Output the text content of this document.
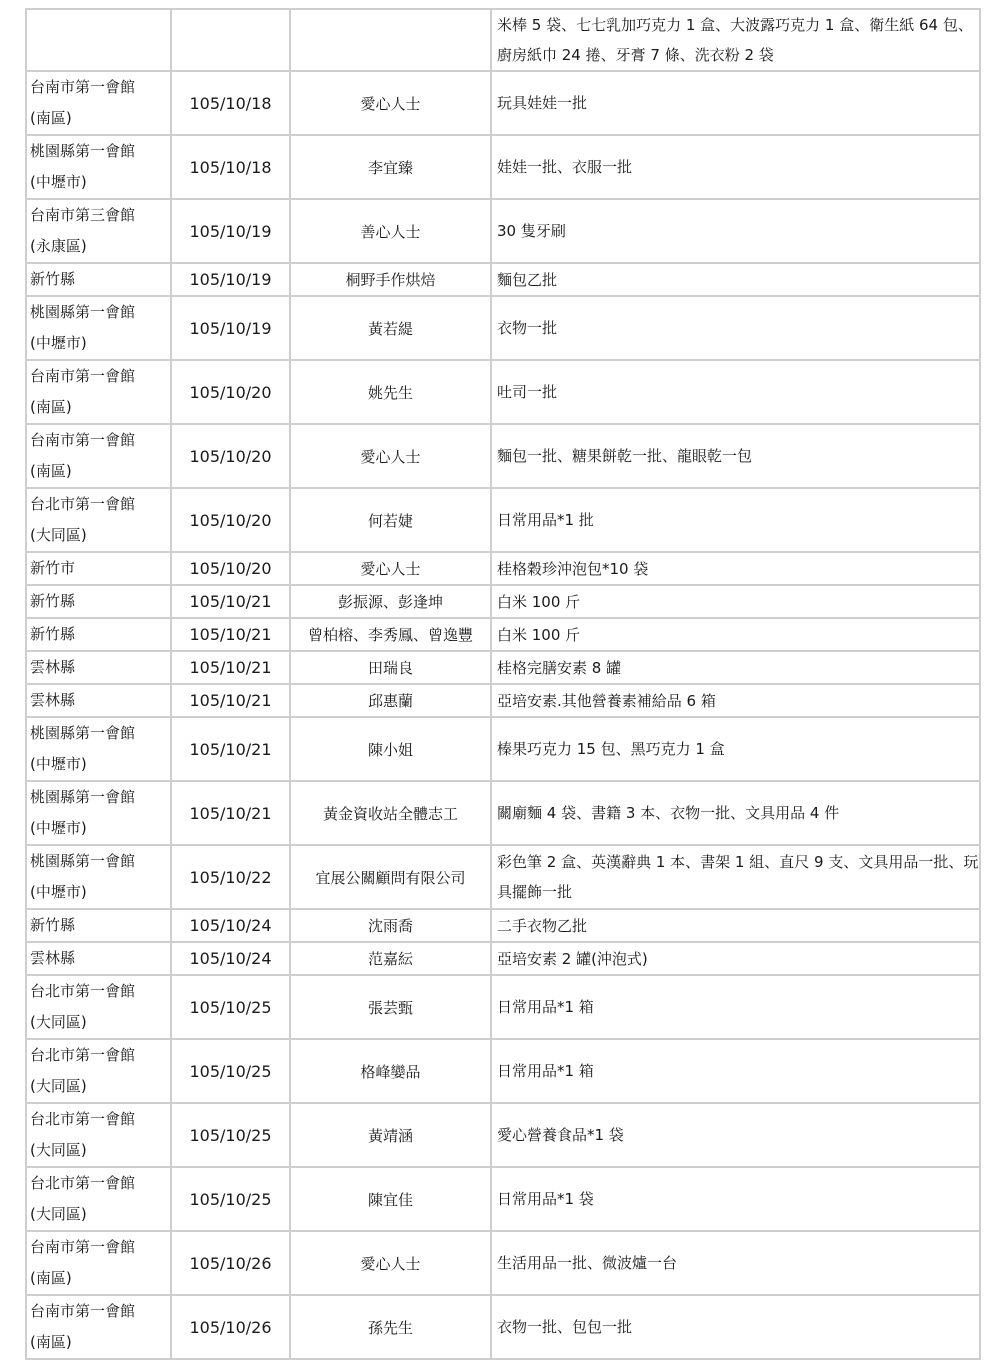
			米棒 5 袋、七七乳加巧克力 1 盒、大波露巧克力 1 盒、衛生紙 64 包、廚房紙巾 24 捲、牙膏 7 條、洗衣粉 2 袋
台南市第一會館
(南區)	105/10/18	愛心人士	玩具娃娃一批
桃園縣第一會館
(中壢市)	105/10/18	李宜臻	娃娃一批、衣服一批
台南市第三會館
(永康區)	105/10/19	善心人士	30 隻牙刷
新竹縣	105/10/19	桐野手作烘焙	麵包乙批
桃園縣第一會館
(中壢市)	105/10/19	黃若緹	衣物一批
台南市第一會館
(南區)	105/10/20	姚先生	吐司一批
台南市第一會館
(南區)	105/10/20	愛心人士	麵包一批、糖果餅乾一批、龍眼乾一包
台北市第一會館
(大同區)	105/10/20	何若婕	日常用品*1 批
新竹市	105/10/20	愛心人士	桂格穀珍沖泡包*10 袋
新竹縣	105/10/21	彭振源、彭逢坤	白米 100 斤
新竹縣	105/10/21	曾柏榕、李秀鳳、曾逸豐	白米 100 斤
雲林縣	105/10/21	田瑞良	桂格完膳安素 8 罐
雲林縣	105/10/21	邱惠蘭	亞培安素.其他營養素補給品 6 箱
桃園縣第一會館
(中壢市)	105/10/21	陳小姐	榛果巧克力 15 包、黑巧克力 1 盒
桃園縣第一會館
(中壢市)	105/10/21	黃金資收站全體志工	關廟麵 4 袋、書籍 3 本、衣物一批、文具用品 4 件
桃園縣第一會館
(中壢市)	105/10/22	宜展公關顧問有限公司	彩色筆 2 盒、英漢辭典 1 本、書架 1 組、直尺 9 支、文具用品一批、玩具擺飾一批
新竹縣	105/10/24	沈雨喬	二手衣物乙批
雲林縣	105/10/24	范嘉紜	亞培安素 2 罐(沖泡式)
台北市第一會館
(大同區)	105/10/25	張芸甄	日常用品*1 箱
台北市第一會館
(大同區)	105/10/25	格峰孌品	日常用品*1 箱
台北市第一會館
(大同區)	105/10/25	黃靖涵	愛心營養食品*1 袋
台北市第一會館
(大同區)	105/10/25	陳宜佳	日常用品*1 袋
台南市第一會館
(南區)	105/10/26	愛心人士	生活用品一批、微波爐一台
台南市第一會館
(南區)	105/10/26	孫先生	衣物一批、包包一批
